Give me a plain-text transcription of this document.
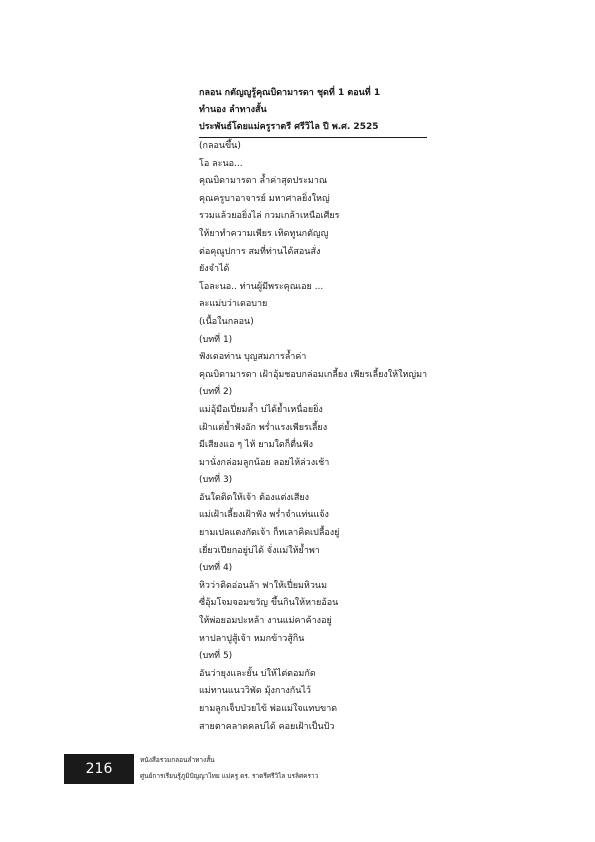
กลอน กตัญญูรู้คุณบิดามารดา ชุดที่ 1 ตอนที่ 1
ทำนอง ลำทางสั้น
ประพันธ์โดยแม่ครูราตรี ศรีวิไล ปี พ.ศ. 2525
(กลอนขึ้น)
โอ ละนอ...
คุณบิดามารดา ล้ำค่าสุดประมาณ
คุณครูบาอาจารย์ มหาศาลยิ่งใหญ่
รวมแล้วยอยิ่งไล่ กวมเกล้าเหนือเศียร
ให้ยาทำความเพียร เทิดทูนกตัญญู
ต่อคุณูปการ สมที่ท่านได้สอนสั่ง
ยังจำได้
โอละนอ.. ท่านผู้มีพระคุณเอย ...
ละแม่บว่าเดอบาย
(เนื้อในกลอน)
(บทที่ 1)
ฟังเดอท่าน บุญสมภารล้ำค่า
คุณบิดามารดา เฝ้าอุ้มชอบกล่อมเกลี้ยง เพียรเลี้ยงให้ใหญ่มา
(บทที่ 2)
แม่อุ้มือเปี่ยมล้ำ บ่ได้ย้ำเหนื่อยยิ่ง
เฝ้าแต่ย้ำฟังอัก พร่ำแรงเพียรเลี้ยง
มีเสียงแอ ๆ ไห้ ยามใดก็ตื่นฟัง
มานั่งกล่อมลูกน้อย ลอยไห้ล่วงเช้า
(บทที่ 3)
อันใดติดให้เจ้า ต้องแต่งเสียง
แม่เฝ้าเลี้ยงเฝ้าฟัง พร่ำจำแท่นแจ้ง
ยามเปลแตงกัดเจ้า ก็ทเลาคิดเปลื้องยู่
เยี่ยวเปียกอยู่บ่ได้ จั่งแม่ให้ย้ำพา
(บทที่ 4)
หิวว่าติดอ่อนล้า ฟาให้เปี่ยมหิวนม
ซื่อุ้มโจมจอมขวัญ ขึ้นกินให้หายอ้อน
ให้พ่อยอมปะหล้า งานแม่คาค้างอยู่
หาปลาปูสู้เจ้า หมกข้าวสู้กิน
(บทที่ 5)
อันว่ายุงและยั้น บ่ให้ไต่ตอมกัด
แม่ทานแนววิพัด มุ้งกางกันไว้
ยามลูกเจ็บป่วยไข้ พ่อแม่ใจแทบขาด
สายตาคลาดคลบ่ได้ คอยเฝ้าเป็นป้ว
216
หนังสือรวมกลอนลำทางสั้น
ศูนย์การเรียนรู้ภูมิปัญญาไทย แม่ครู ดร. ราตรีศรีวิไล บรลิศคราว
